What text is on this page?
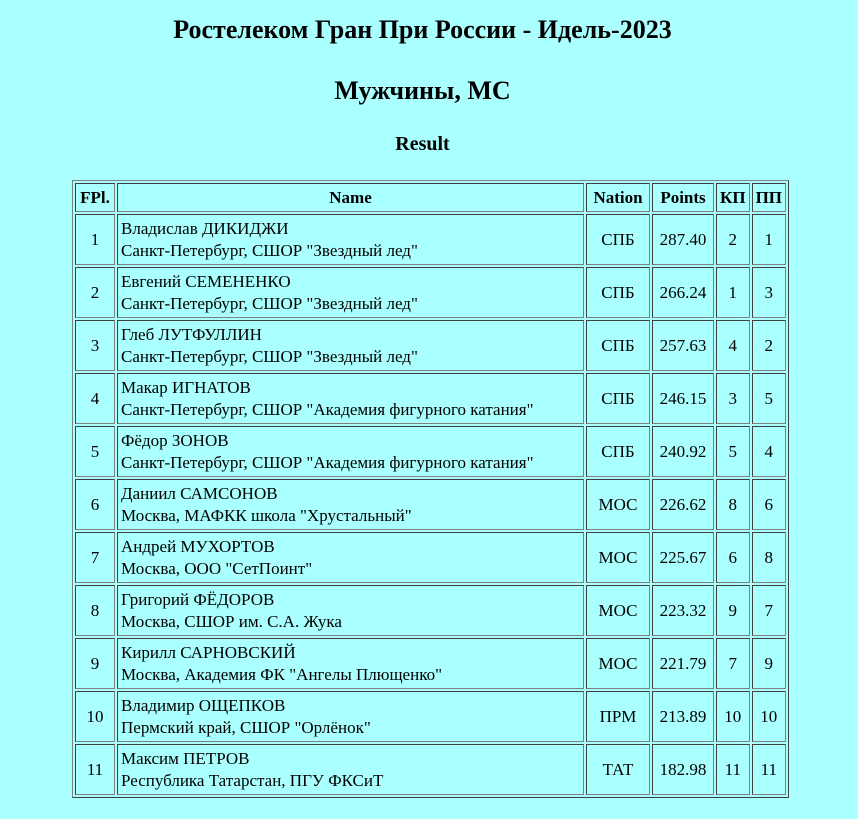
Ростелеком Гран При России - Идель-2023
Мужчины, МС
Result
FPl.	Name	Nation	Points	КП	ПП
1	Владислав ДИКИДЖИ
Санкт-Петербург, СШОР "Звездный лед"	СПБ	287.40	2	1
2	Евгений СЕМЕНЕНКО
Санкт-Петербург, СШОР "Звездный лед"	СПБ	266.24	1	3
3	Глеб ЛУТФУЛЛИН
Санкт-Петербург, СШОР "Звездный лед"	СПБ	257.63	4	2
4	Макар ИГНАТОВ
Санкт-Петербург, СШОР "Академия фигурного катания"	СПБ	246.15	3	5
5	Фёдор ЗОНОВ
Санкт-Петербург, СШОР "Академия фигурного катания"	СПБ	240.92	5	4
6	Даниил САМСОНОВ
Москва, МАФКК школа "Хрустальный"	МОС	226.62	8	6
7	Андрей МУХОРТОВ
Москва, ООО "СетПоинт"	МОС	225.67	6	8
8	Григорий ФЁДОРОВ
Москва, СШОР им. С.А. Жука	МОС	223.32	9	7
9	Кирилл САРНОВСКИЙ
Москва, Академия ФК "Ангелы Плющенко"	МОС	221.79	7	9
10	Владимир ОЩЕПКОВ
Пермский край, СШОР "Орлёнок"	ПРМ	213.89	10	10
11	Максим ПЕТРОВ
Республика Татарстан, ПГУ ФКСиТ	ТАТ	182.98	11	11
